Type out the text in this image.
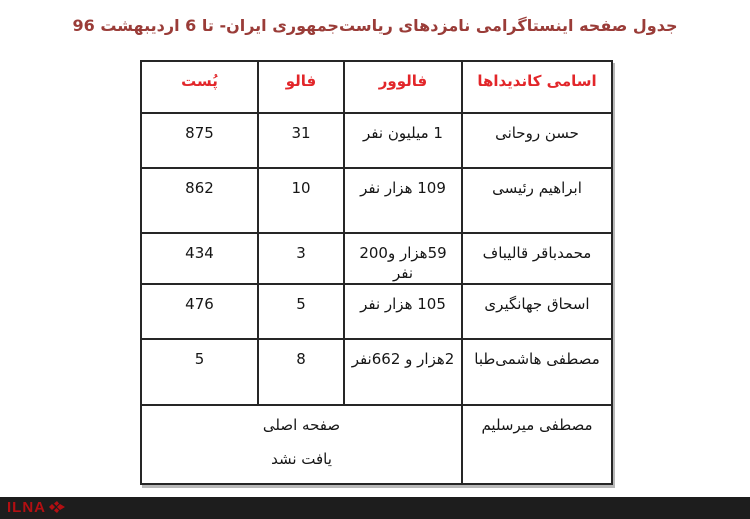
جدول صفحه اینستاگرامی نامزدهای ریاست‌جمهوری ایران- تا 6 اردیبهشت 96
اسامی کاندیداها	فالوور	فالو	پُست
حسن روحانی	1 میلیون نفر	31	875
ابراهیم رئیسی	109 هزار نفر	10	862
محمدباقر قالیباف	59هزار و200 نفر	3	434
اسحاق جهانگیری	105 هزار نفر	5	476
مصطفی هاشمی‌طبا	2هزار و 662نفر	8	5
مصطفی میرسلیم	صفحه اصلی
یافت نشد		
ILNA
